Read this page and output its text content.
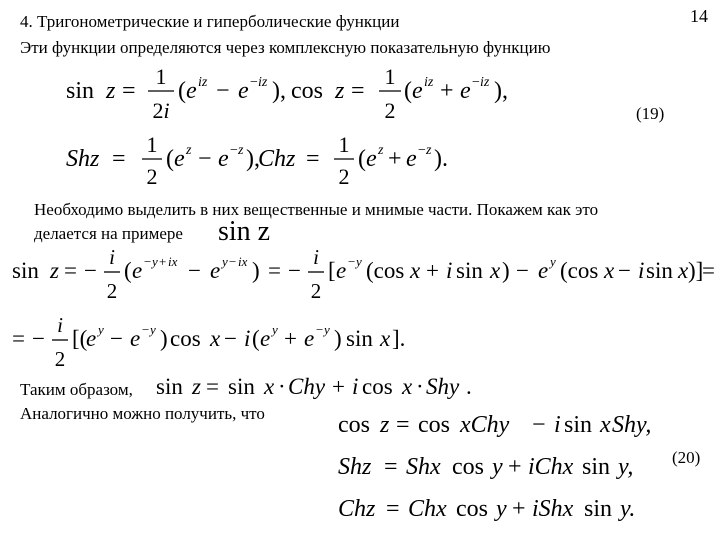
14
4. Тригонометрические и гиперболические функции
Эти функции определяются через комплексную показательную функцию
sin z =
1
2i
( e iz − e − iz ), cos z =
1
2
( e iz + e − iz ),
(19)
Shz =
1
2
( e z − e − z ), Chz =
1
2
( e z + e − z ).
Необходимо выделить в них вещественные и мнимые части. Покажем как это
делается на примере sin z
sin z = −
i
2
( e − y + ix − e y − ix ) = −
i
2
[ e − y (cos x + i sin x ) − e y (cos x − i sin x )] =
= −
i
2
[( e y − e − y ) cos x − i ( e y + e − y ) sin x ].
Таким образом, sin z = sin x · Chy + i cos x · Shy .
Аналогично можно получить, что	cos z = cos xChy − i sin x Shy,
Shz = Shx cos y + iChx sin y,
Chz = Chx cos y + iShx sin y.
(20)
